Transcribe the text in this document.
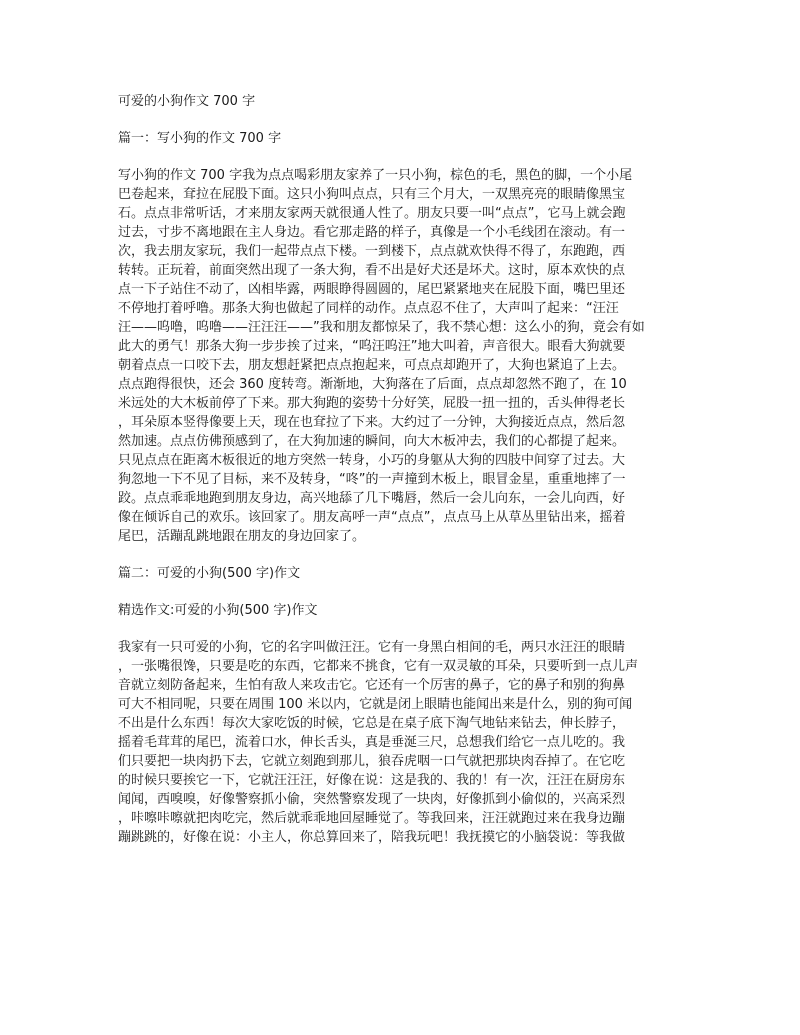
可爱的小狗作文 700 字

篇一：写小狗的作文 700 字

写小狗的作文 700 字我为点点喝彩朋友家养了一只小狗，棕色的毛，黑色的脚，一个小尾

巴卷起来，耷拉在屁股下面。这只小狗叫点点，只有三个月大，一双黑亮亮的眼睛像黑宝

石。点点非常听话，才来朋友家两天就很通人性了。朋友只要一叫“点点”，它马上就会跑

过去，寸步不离地跟在主人身边。看它那走路的样子，真像是一个小毛线团在滚动。有一

次，我去朋友家玩，我们一起带点点下楼。一到楼下，点点就欢快得不得了，东跑跑，西

转转。正玩着，前面突然出现了一条大狗，看不出是好犬还是坏犬。这时，原本欢快的点

点一下子站住不动了，凶相毕露，两眼睁得圆圆的，尾巴紧紧地夹在屁股下面，嘴巴里还

不停地打着呼噜。那条大狗也做起了同样的动作。点点忍不住了，大声叫了起来：“汪汪

汪——呜噜，呜噜——汪汪汪——”我和朋友都惊呆了，我不禁心想：这么小的狗，竟会有如

此大的勇气！那条大狗一步步挨了过来，“呜汪呜汪”地大叫着，声音很大。眼看大狗就要

朝着点点一口咬下去，朋友想赶紧把点点抱起来，可点点却跑开了，大狗也紧追了上去。

点点跑得很快，还会 360 度转弯。渐渐地，大狗落在了后面，点点却忽然不跑了，在 10

米远处的大木板前停了下来。那大狗跑的姿势十分好笑，屁股一扭一扭的，舌头伸得老长

，耳朵原本竖得像要上天，现在也耷拉了下来。大约过了一分钟，大狗接近点点，然后忽

然加速。点点仿佛预感到了，在大狗加速的瞬间，向大木板冲去，我们的心都提了起来。

只见点点在距离木板很近的地方突然一转身，小巧的身躯从大狗的四肢中间穿了过去。大

狗忽地一下不见了目标，来不及转身，“咚”的一声撞到木板上，眼冒金星，重重地摔了一

跤。点点乖乖地跑到朋友身边，高兴地舔了几下嘴唇，然后一会儿向东，一会儿向西，好

像在倾诉自己的欢乐。该回家了。朋友高呼一声“点点”，点点马上从草丛里钻出来，摇着

尾巴，活蹦乱跳地跟在朋友的身边回家了。

篇二：可爱的小狗(500 字)作文

精选作文:可爱的小狗(500 字)作文

我家有一只可爱的小狗，它的名字叫做汪汪。它有一身黑白相间的毛，两只水汪汪的眼睛

，一张嘴很馋，只要是吃的东西，它都来不挑食，它有一双灵敏的耳朵，只要听到一点儿声

音就立刻防备起来，生怕有敌人来攻击它。它还有一个厉害的鼻子，它的鼻子和别的狗鼻

可大不相同呢，只要在周围 100 米以内，它就是闭上眼睛也能闻出来是什么，别的狗可闻

不出是什么东西！每次大家吃饭的时候，它总是在桌子底下淘气地钻来钻去，伸长脖子，

摇着毛茸茸的尾巴，流着口水，伸长舌头，真是垂涎三尺，总想我们给它一点儿吃的。我

们只要把一块肉扔下去，它就立刻跑到那儿，狼吞虎咽一口气就把那块肉吞掉了。在它吃

的时候只要挨它一下，它就汪汪汪，好像在说：这是我的、我的！有一次，汪汪在厨房东

闻闻，西嗅嗅，好像警察抓小偷，突然警察发现了一块肉，好像抓到小偷似的，兴高采烈

，咔嚓咔嚓就把肉吃完，然后就乖乖地回屋睡觉了。等我回来，汪汪就跑过来在我身边蹦

蹦跳跳的，好像在说：小主人，你总算回来了，陪我玩吧！我抚摸它的小脑袋说：等我做
